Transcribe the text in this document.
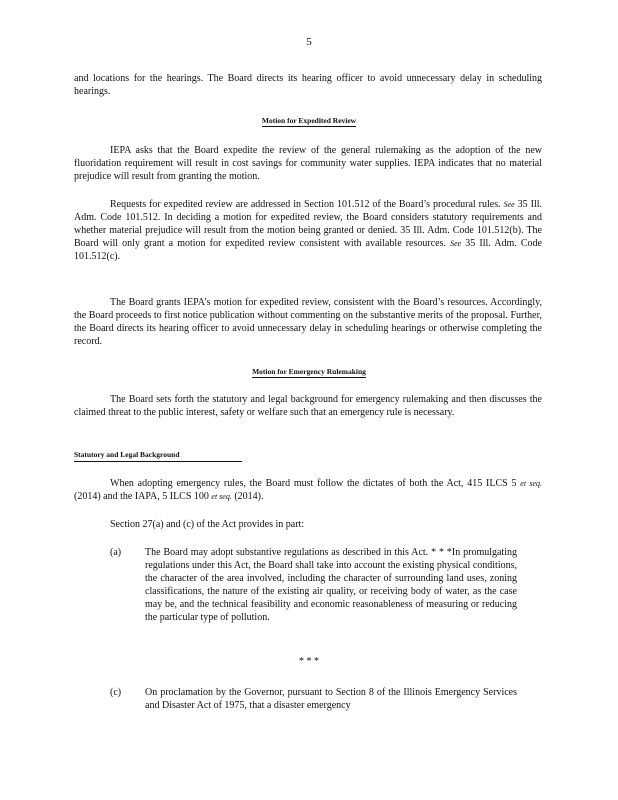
5
and locations for the hearings. The Board directs its hearing officer to avoid unnecessary delay in scheduling hearings.
Motion for Expedited Review
IEPA asks that the Board expedite the review of the general rulemaking as the adoption of the new fluoridation requirement will result in cost savings for community water supplies. IEPA indicates that no material prejudice will result from granting the motion.
Requests for expedited review are addressed in Section 101.512 of the Board’s procedural rules. See 35 Ill. Adm. Code 101.512. In deciding a motion for expedited review, the Board considers statutory requirements and whether material prejudice will result from the motion being granted or denied. 35 Ill. Adm. Code 101.512(b). The Board will only grant a motion for expedited review consistent with available resources. See 35 Ill. Adm. Code 101.512(c).
The Board grants IEPA’s motion for expedited review, consistent with the Board’s resources. Accordingly, the Board proceeds to first notice publication without commenting on the substantive merits of the proposal. Further, the Board directs its hearing officer to avoid unnecessary delay in scheduling hearings or otherwise completing the record.
Motion for Emergency Rulemaking
The Board sets forth the statutory and legal background for emergency rulemaking and then discusses the claimed threat to the public interest, safety or welfare such that an emergency rule is necessary.
Statutory and Legal Background
When adopting emergency rules, the Board must follow the dictates of both the Act, 415 ILCS 5 et seq. (2014) and the IAPA, 5 ILCS 100 et seq. (2014).
Section 27(a) and (c) of the Act provides in part:
(a) The Board may adopt substantive regulations as described in this Act. * * *In promulgating regulations under this Act, the Board shall take into account the existing physical conditions, the character of the area involved, including the character of surrounding land uses, zoning classifications, the nature of the existing air quality, or receiving body of water, as the case may be, and the technical feasibility and economic reasonableness of measuring or reducing the particular type of pollution.
* * *
(c) On proclamation by the Governor, pursuant to Section 8 of the Illinois Emergency Services and Disaster Act of 1975, that a disaster emergency
